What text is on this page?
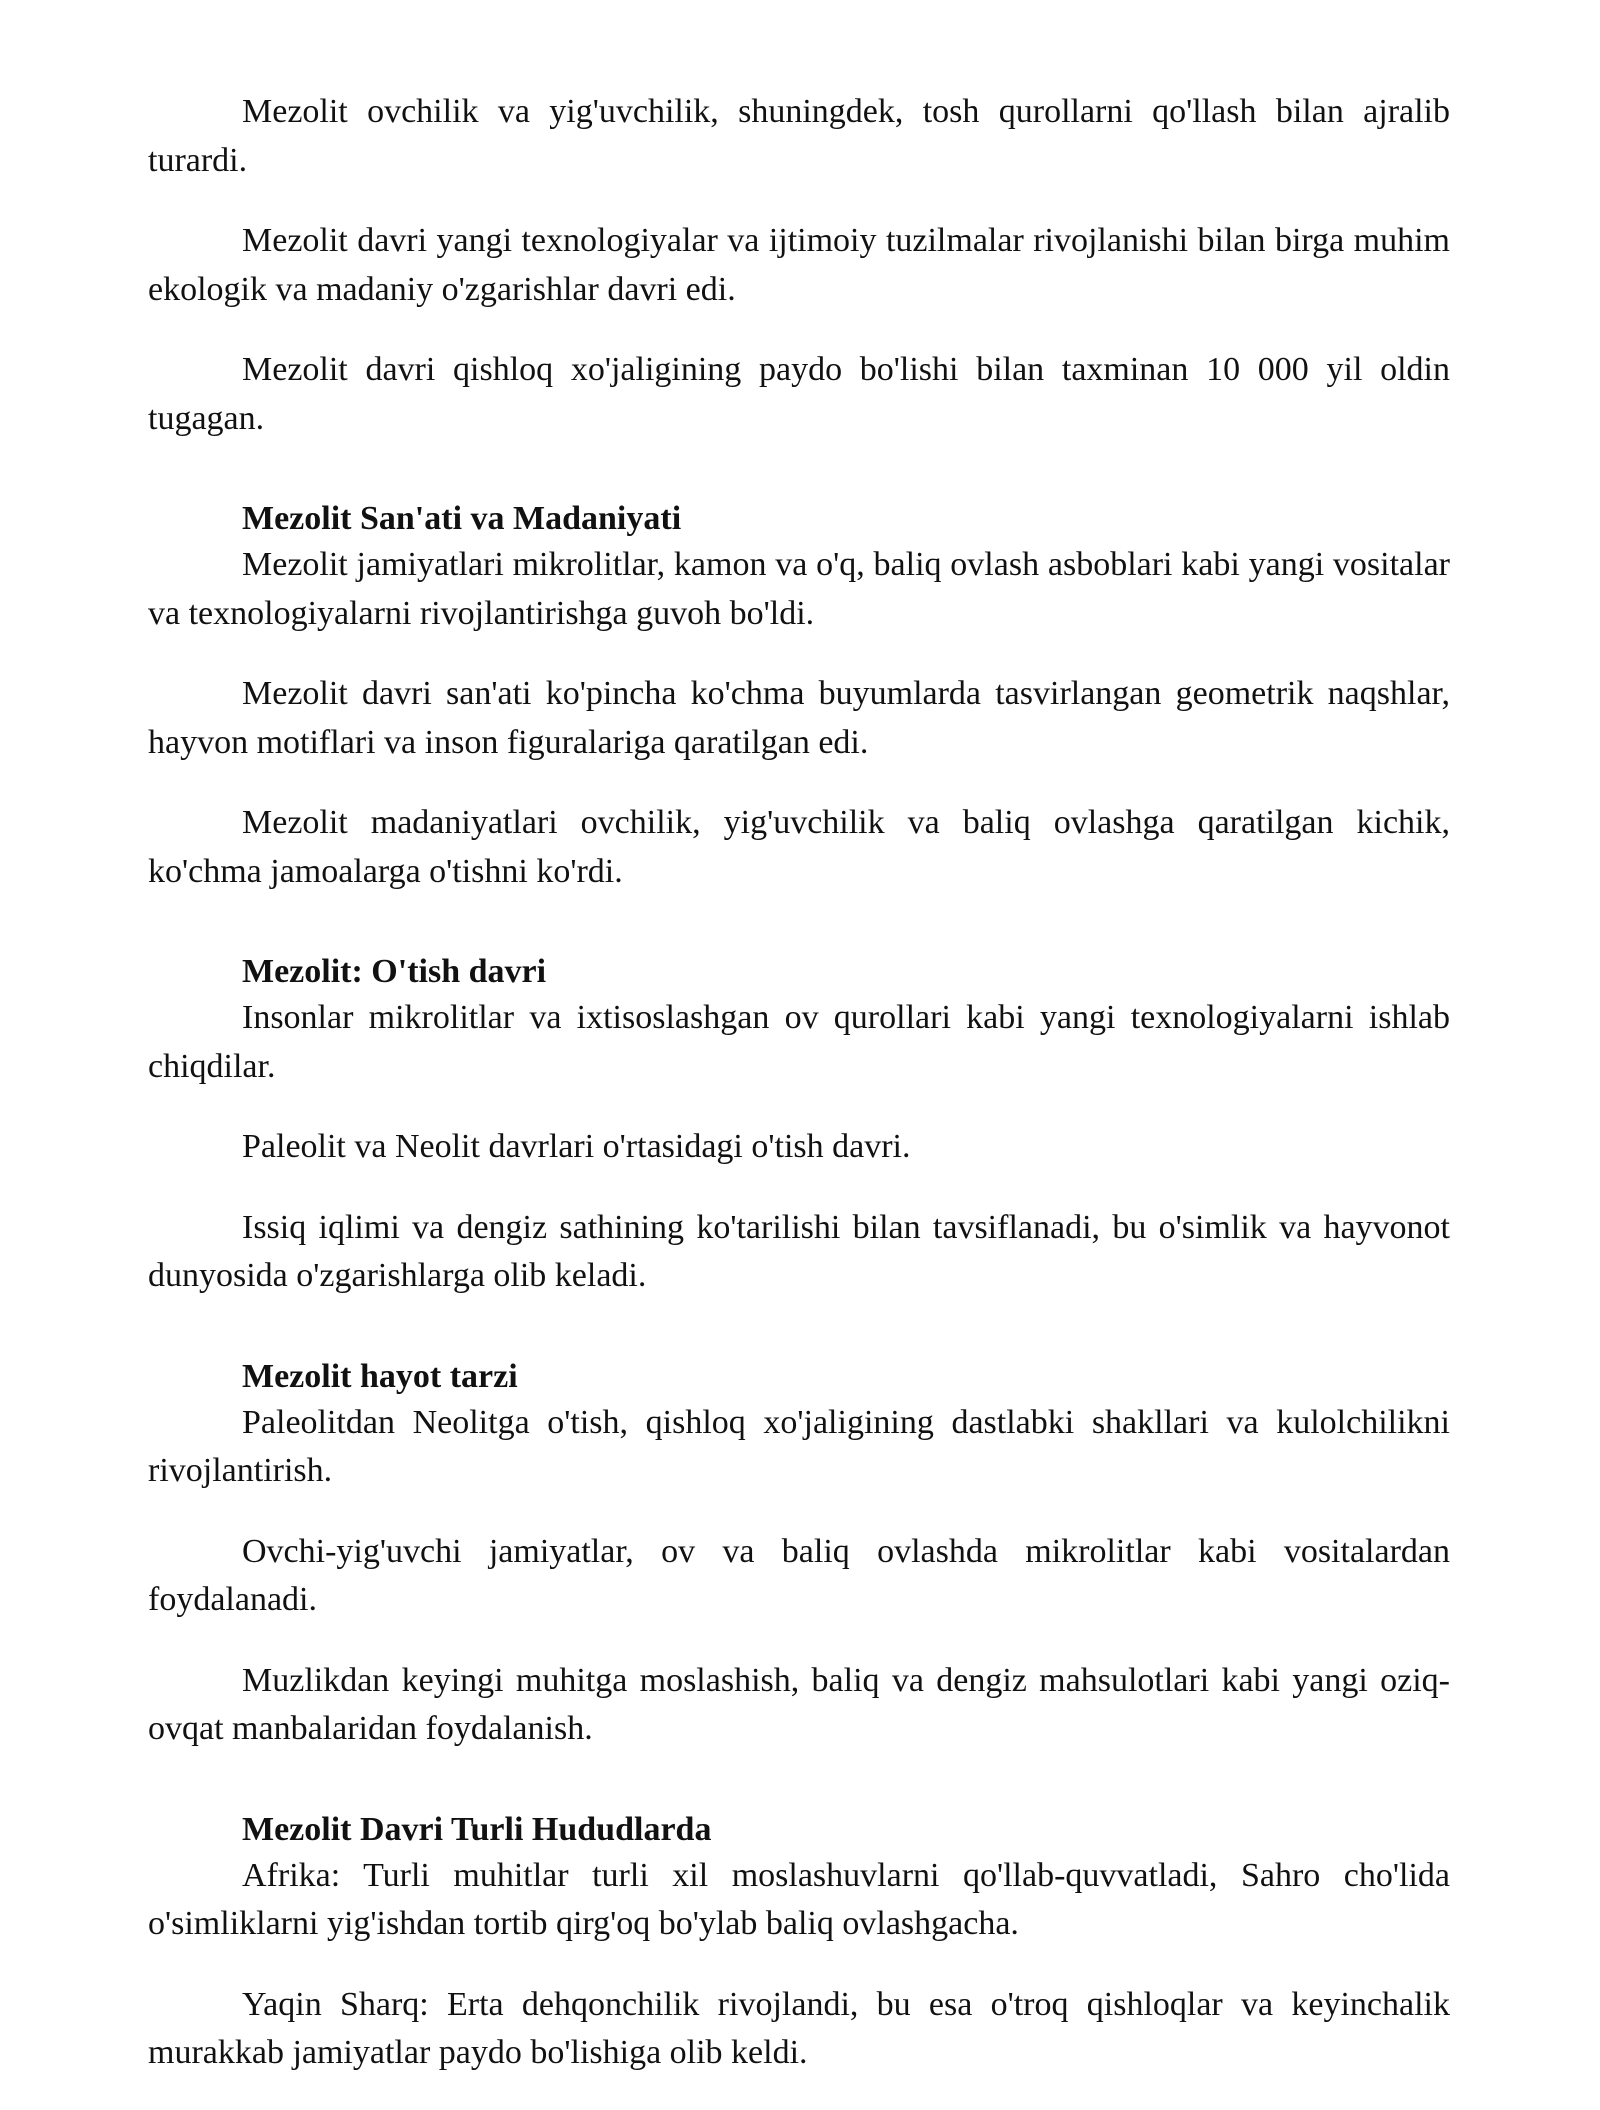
Mezolit ovchilik va yig'uvchilik, shuningdek, tosh qurollarni qo'llash bilan ajralib turardi.

Mezolit davri yangi texnologiyalar va ijtimoiy tuzilmalar rivojlanishi bilan birga muhim ekologik va madaniy o'zgarishlar davri edi.

Mezolit davri qishloq xo'jaligining paydo bo'lishi bilan taxminan 10 000 yil oldin tugagan.

Mezolit San'ati va Madaniyati

Mezolit jamiyatlari mikrolitlar, kamon va o'q, baliq ovlash asboblari kabi yangi vositalar va texnologiyalarni rivojlantirishga guvoh bo'ldi.

Mezolit davri san'ati ko'pincha ko'chma buyumlarda tasvirlangan geometrik naqshlar, hayvon motiflari va inson figuralariga qaratilgan edi.

Mezolit madaniyatlari ovchilik, yig'uvchilik va baliq ovlashga qaratilgan kichik, ko'chma jamoalarga o'tishni ko'rdi.

Mezolit: O'tish davri

Insonlar mikrolitlar va ixtisoslashgan ov qurollari kabi yangi texnologiyalarni ishlab chiqdilar.

Paleolit va Neolit davrlari o'rtasidagi o'tish davri.

Issiq iqlimi va dengiz sathining ko'tarilishi bilan tavsiflanadi, bu o'simlik va hayvonot dunyosida o'zgarishlarga olib keladi.

Mezolit hayot tarzi

Paleolitdan Neolitga o'tish, qishloq xo'jaligining dastlabki shakllari va kulolchilikni rivojlantirish.

Ovchi-yig'uvchi jamiyatlar, ov va baliq ovlashda mikrolitlar kabi vositalardan foydalanadi.

Muzlikdan keyingi muhitga moslashish, baliq va dengiz mahsulotlari kabi yangi oziq-ovqat manbalaridan foydalanish.

Mezolit Davri Turli Hududlarda

Afrika: Turli muhitlar turli xil moslashuvlarni qo'llab-quvvatladi, Sahro cho'lida o'simliklarni yig'ishdan tortib qirg'oq bo'ylab baliq ovlashgacha.

Yaqin Sharq: Erta dehqonchilik rivojlandi, bu esa o'troq qishloqlar va keyinchalik murakkab jamiyatlar paydo bo'lishiga olib keldi.
